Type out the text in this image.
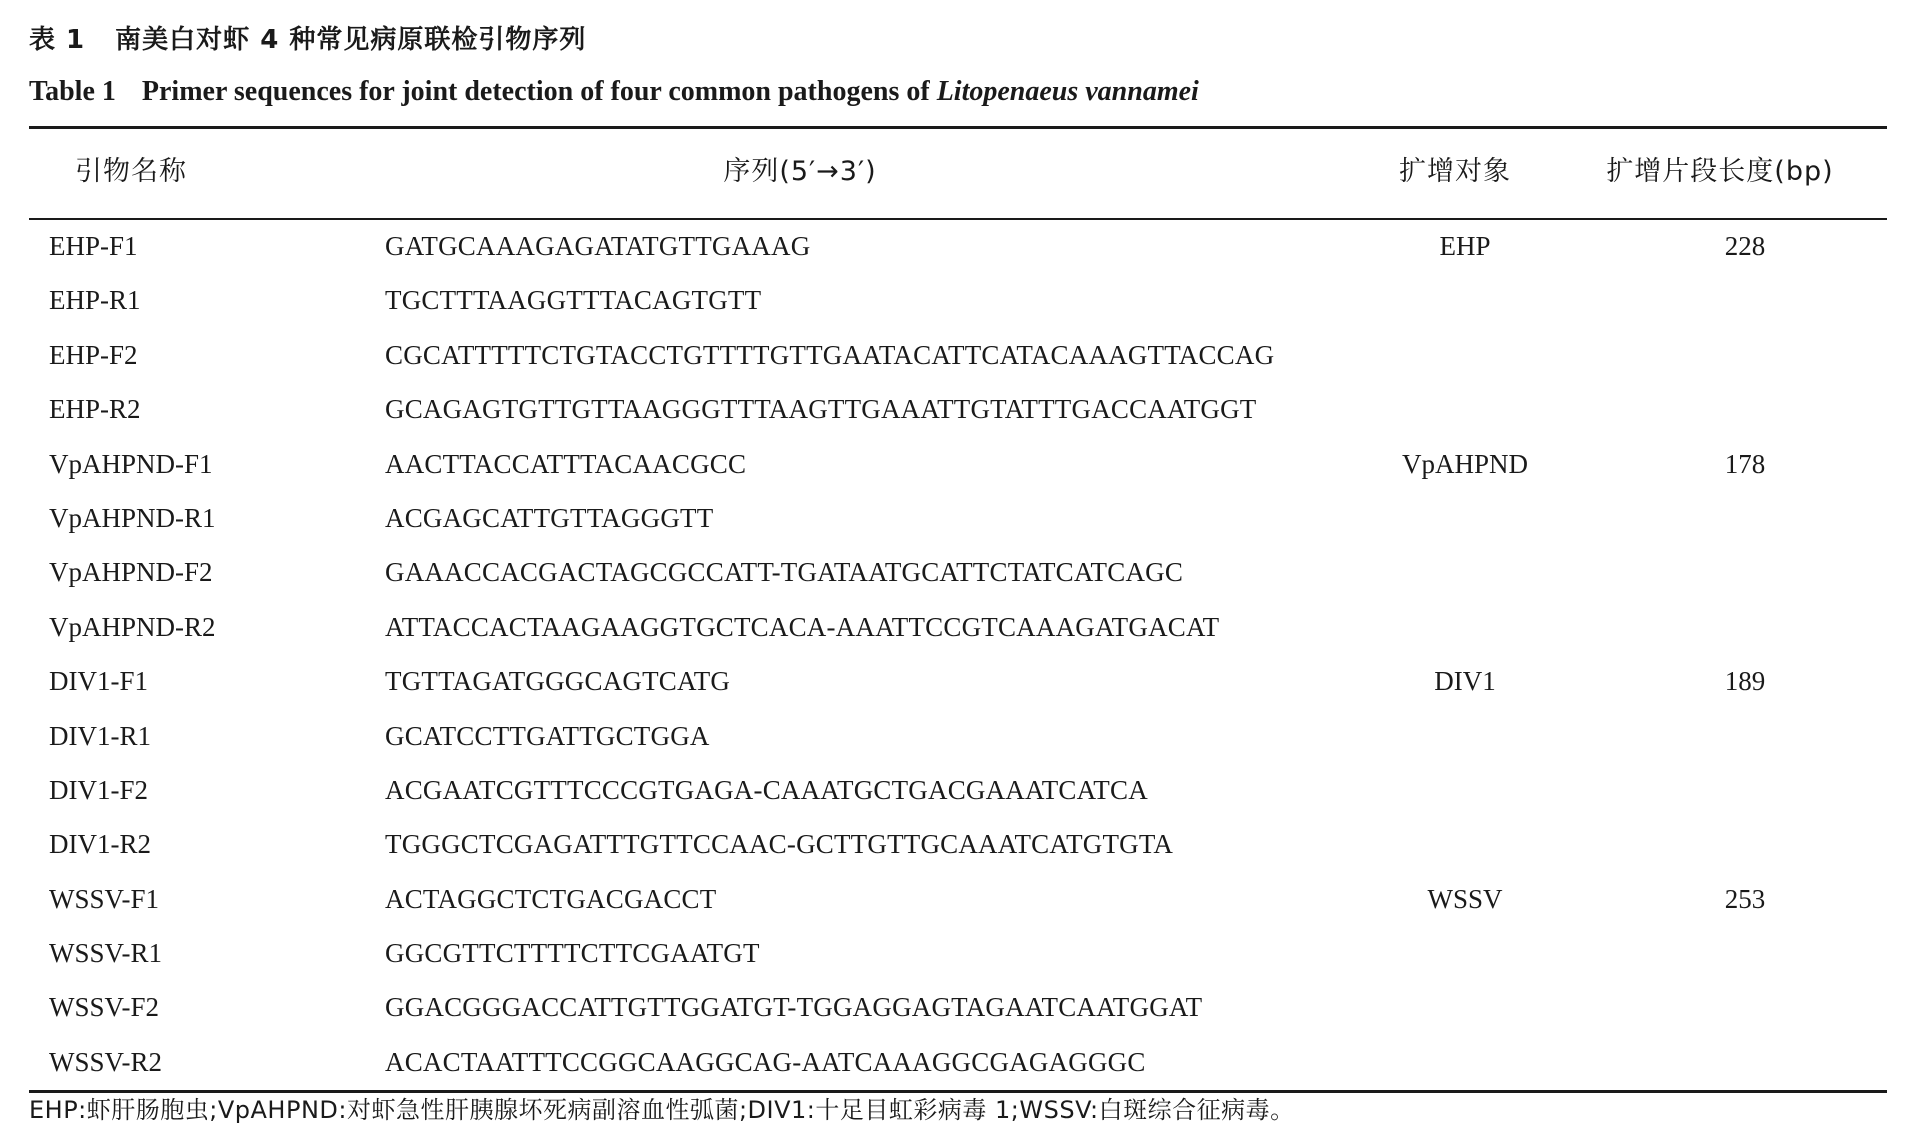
表 1 南美白对虾 4 种常见病原联检引物序列
Table 1 Primer sequences for joint detection of four common pathogens of Litopenaeus vannamei
引物名称	序列(5′→3′)	扩增对象	扩增片段长度(bp)
EHP-F1	GATGCAAAGAGATATGTTGAAAG	EHP	228
EHP-R1	TGCTTTAAGGTTTACAGTGTT
EHP-F2	CGCATTTTTCTGTACCTGTTTTGTTGAATACATTCATACAAAGTTACCAG
EHP-R2	GCAGAGTGTTGTTAAGGGTTTAAGTTGAAATTGTATTTGACCAATGGT
VpAHPND-F1	AACTTACCATTTACAACGCC	VpAHPND	178
VpAHPND-R1	ACGAGCATTGTTAGGGTT
VpAHPND-F2	GAAACCACGACTAGCGCCATT-TGATAATGCATTCTATCATCAGC
VpAHPND-R2	ATTACCACTAAGAAGGTGCTCACA-AAATTCCGTCAAAGATGACAT
DIV1-F1	TGTTAGATGGGCAGTCATG	DIV1	189
DIV1-R1	GCATCCTTGATTGCTGGA
DIV1-F2	ACGAATCGTTTCCCGTGAGA-CAAATGCTGACGAAATCATCA
DIV1-R2	TGGGCTCGAGATTTGTTCCAAC-GCTTGTTGCAAATCATGTGTA
WSSV-F1	ACTAGGCTCTGACGACCT	WSSV	253
WSSV-R1	GGCGTTCTTTTCTTCGAATGT
WSSV-F2	GGACGGGACCATTGTTGGATGT-TGGAGGAGTAGAATCAATGGAT
WSSV-R2	ACACTAATTTCCGGCAAGGCAG-AATCAAAGGCGAGAGGGC
EHP:虾肝肠胞虫;VpAHPND:对虾急性肝胰腺坏死病副溶血性弧菌;DIV1:十足目虹彩病毒 1;WSSV:白斑综合征病毒。
